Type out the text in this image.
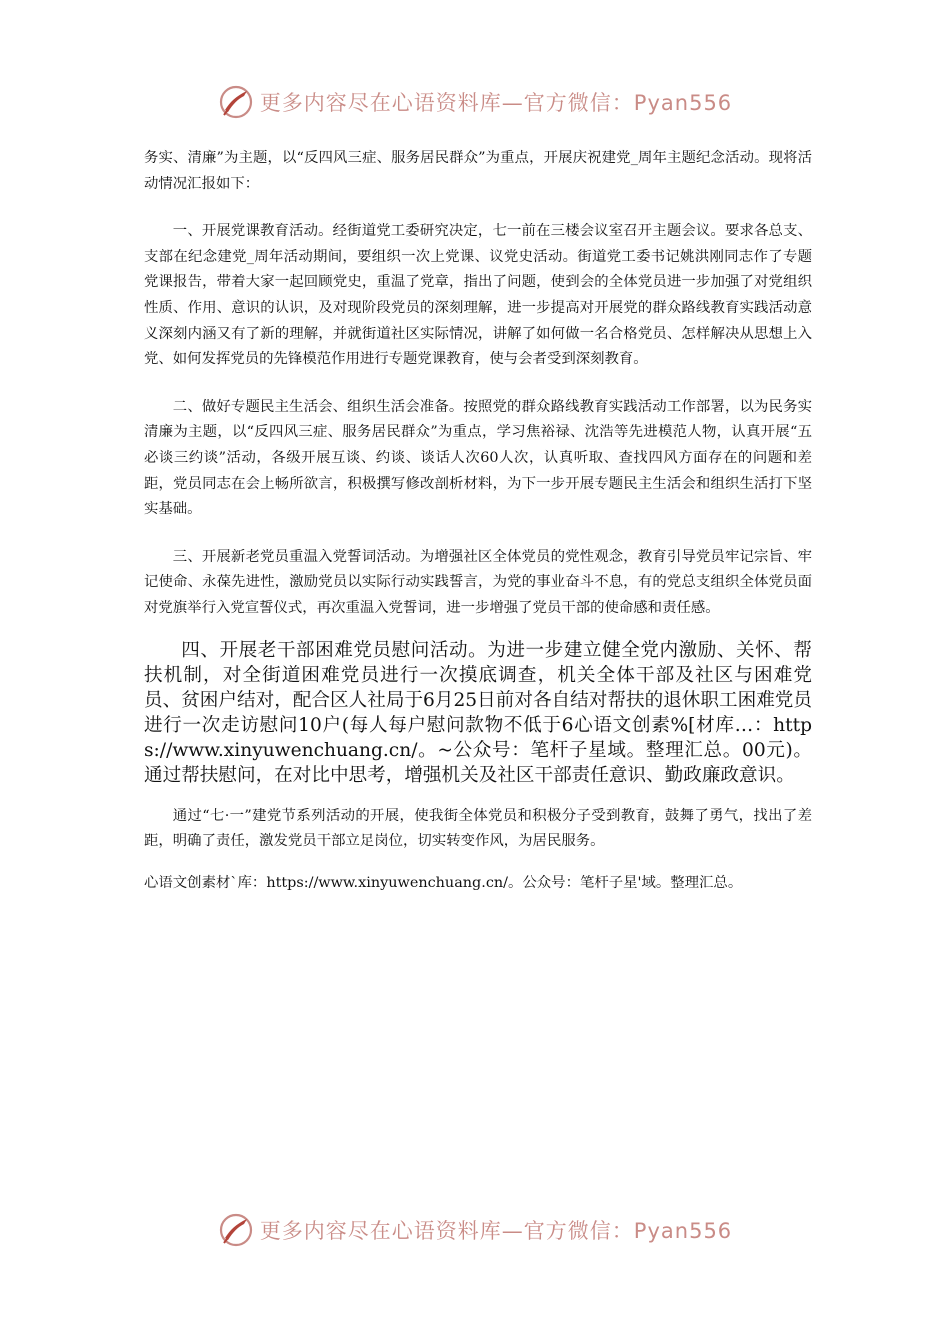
更多内容尽在心语资料库—官方微信：Pyan556

务实、清廉”为主题，以“反四风三症、服务居民群众”为重点，开展庆祝建党_周年主题纪念活动。现将活动情况汇报如下：

一、开展党课教育活动。经街道党工委研究决定，七一前在三楼会议室召开主题会议。要求各总支、支部在纪念建党_周年活动期间，要组织一次上党课、议党史活动。街道党工委书记姚洪刚同志作了专题党课报告，带着大家一起回顾党史，重温了党章，指出了问题，使到会的全体党员进一步加强了对党组织性质、作用、意识的认识，及对现阶段党员的深刻理解，进一步提高对开展党的群众路线教育实践活动意义深刻内涵又有了新的理解，并就街道社区实际情况，讲解了如何做一名合格党员、怎样解决从思想上入党、如何发挥党员的先锋模范作用进行专题党课教育，使与会者受到深刻教育。

二、做好专题民主生活会、组织生活会准备。按照党的群众路线教育实践活动工作部署，以为民务实清廉为主题，以“反四风三症、服务居民群众”为重点，学习焦裕禄、沈浩等先进模范人物，认真开展“五必谈三约谈”活动，各级开展互谈、约谈、谈话人次60人次，认真听取、查找四风方面存在的问题和差距，党员同志在会上畅所欲言，积极撰写修改剖析材料，为下一步开展专题民主生活会和组织生活打下坚实基础。

三、开展新老党员重温入党誓词活动。为增强社区全体党员的党性观念，教育引导党员牢记宗旨、牢记使命、永葆先进性，激励党员以实际行动实践誓言，为党的事业奋斗不息，有的党总支组织全体党员面对党旗举行入党宣誓仪式，再次重温入党誓词，进一步增强了党员干部的使命感和责任感。

四、开展老干部困难党员慰问活动。为进一步建立健全党内激励、关怀、帮扶机制，对全街道困难党员进行一次摸底调查，机关全体干部及社区与困难党员、贫困户结对，配合区人社局于6月25日前对各自结对帮扶的退休职工困难党员进行一次走访慰问10户(每人每户慰问款物不低于6心语文创素%[材库…：https://www.xinyuwenchuang.cn/。~公众号：笔杆子星域。整理汇总。00元)。通过帮扶慰问，在对比中思考，增强机关及社区干部责任意识、勤政廉政意识。

通过“七·一”建党节系列活动的开展，使我街全体党员和积极分子受到教育，鼓舞了勇气，找出了差距，明确了责任，激发党员干部立足岗位，切实转变作风，为居民服务。

心语文创素材`库：https://www.xinyuwenchuang.cn/。公众号：笔杆子星'域。整理汇总。

更多内容尽在心语资料库—官方微信：Pyan556
